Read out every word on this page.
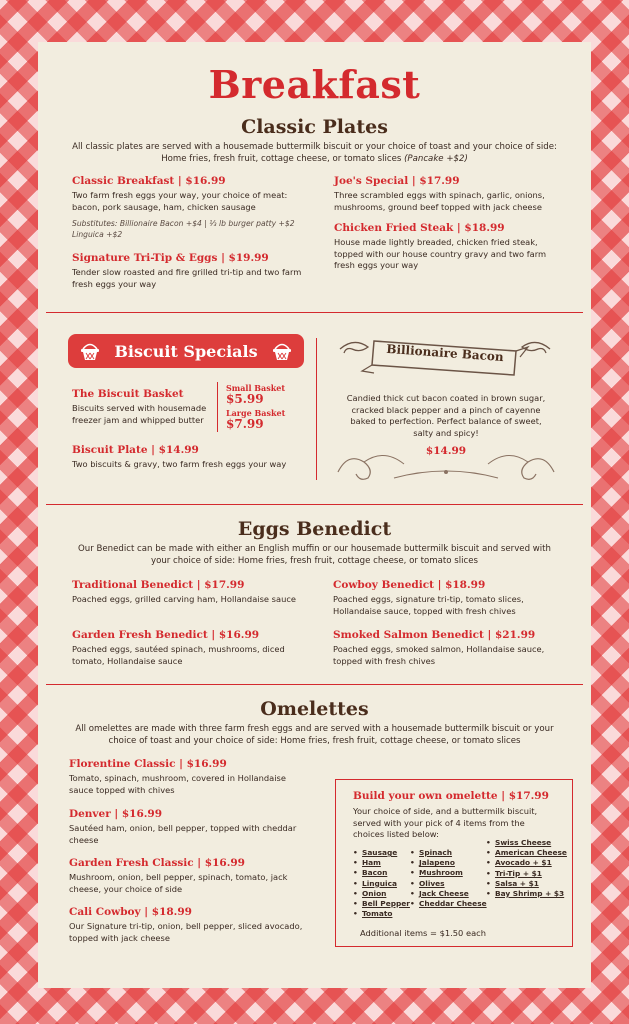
Breakfast
Classic Plates
All classic plates are served with a housemade buttermilk biscuit or your choice of toast and your choice of side: Home fries, fresh fruit, cottage cheese, or tomato slices (Pancake +$2)
Classic Breakfast | $16.99
Two farm fresh eggs your way, your choice of meat: bacon, pork sausage, ham, chicken sausage
Substitutes: Billionaire Bacon +$4 | ⅓ lb burger patty +$2 Linguica +$2
Signature Tri-Tip & Eggs | $19.99
Tender slow roasted and fire grilled tri-tip and two farm fresh eggs your way
Joe's Special | $17.99
Three scrambled eggs with spinach, garlic, onions, mushrooms, ground beef topped with jack cheese
Chicken Fried Steak | $18.99
House made lightly breaded, chicken fried steak, topped with our house country gravy and two farm fresh eggs your way
Biscuit Specials
The Biscuit Basket
Biscuits served with housemade freezer jam and whipped butter
Small Basket
$5.99
Large Basket
$7.99
Biscuit Plate | $14.99
Two biscuits & gravy, two farm fresh eggs your way
Billionaire Bacon
Candied thick cut bacon coated in brown sugar, cracked black pepper and a pinch of cayenne baked to perfection. Perfect balance of sweet, salty and spicy!
$14.99
Eggs Benedict
Our Benedict can be made with either an English muffin or our housemade buttermilk biscuit and served with your choice of side: Home fries, fresh fruit, cottage cheese, or tomato slices
Traditional Benedict | $17.99
Poached eggs, grilled carving ham, Hollandaise sauce
Garden Fresh Benedict | $16.99
Poached eggs, sautéed spinach, mushrooms, diced tomato, Hollandaise sauce
Cowboy Benedict | $18.99
Poached eggs, signature tri-tip, tomato slices, Hollandaise sauce, topped with fresh chives
Smoked Salmon Benedict | $21.99
Poached eggs, smoked salmon, Hollandaise sauce, topped with fresh chives
Omelettes
All omelettes are made with three farm fresh eggs and are served with a housemade buttermilk biscuit or your choice of toast and your choice of side: Home fries, fresh fruit, cottage cheese, or tomato slices
Florentine Classic | $16.99
Tomato, spinach, mushroom, covered in Hollandaise sauce topped with chives
Denver | $16.99
Sautéed ham, onion, bell pepper, topped with cheddar cheese
Garden Fresh Classic | $16.99
Mushroom, onion, bell pepper, spinach, tomato, jack cheese, your choice of side
Cali Cowboy | $18.99
Our Signature tri-tip, onion, bell pepper, sliced avocado, topped with jack cheese
Build your own omelette | $17.99
Your choice of side, and a buttermilk biscuit, served with your pick of 4 items from the choices listed below:
• Sausage
• Ham
• Bacon
• Linguica
• Onion
• Bell Pepper
• Tomato
• Spinach
• Jalapeno
• Mushroom
• Olives
• Jack Cheese
• Cheddar Cheese
• Swiss Cheese
• American Cheese
• Avocado + $1
• Tri-Tip + $1
• Salsa + $1
• Bay Shrimp + $3
Additional items = $1.50 each
